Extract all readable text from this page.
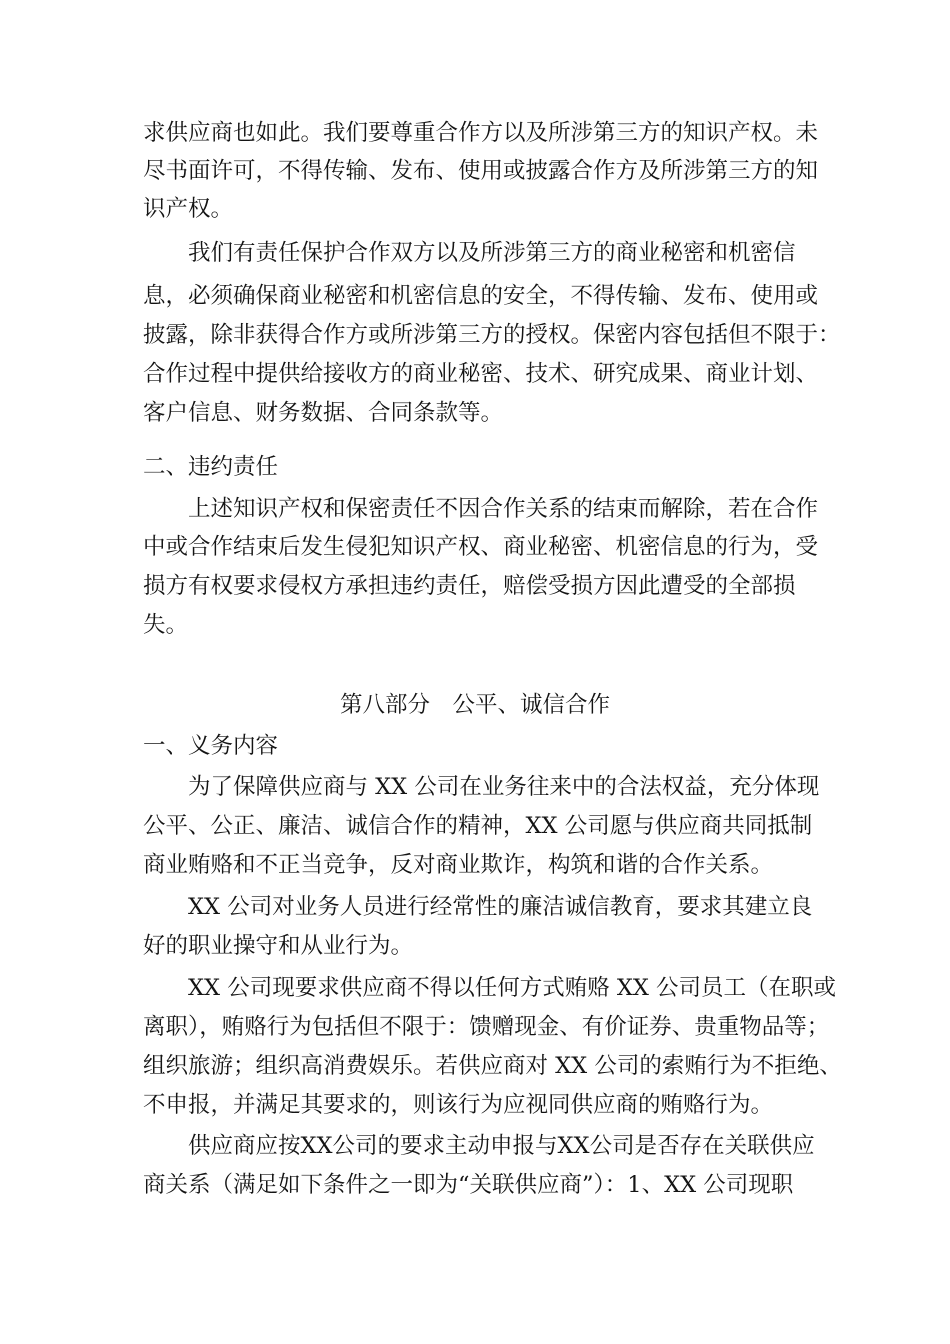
求供应商也如此。我们要尊重合作方以及所涉第三方的知识产权。未

尽书面许可，不得传输、发布、使用或披露合作方及所涉第三方的知

识产权。

我们有责任保护合作双方以及所涉第三方的商业秘密和机密信

息，必须确保商业秘密和机密信息的安全，不得传输、发布、使用或

披露，除非获得合作方或所涉第三方的授权。保密内容包括但不限于：

合作过程中提供给接收方的商业秘密、技术、研究成果、商业计划、

客户信息、财务数据、合同条款等。

二、违约责任

上述知识产权和保密责任不因合作关系的结束而解除，若在合作

中或合作结束后发生侵犯知识产权、商业秘密、机密信息的行为，受

损方有权要求侵权方承担违约责任，赔偿受损方因此遭受的全部损

失。

第八部分　公平、诚信合作

一、义务内容

为了保障供应商与 XX 公司在业务往来中的合法权益，充分体现

公平、公正、廉洁、诚信合作的精神，XX 公司愿与供应商共同抵制

商业贿赂和不正当竞争，反对商业欺诈，构筑和谐的合作关系。

XX 公司对业务人员进行经常性的廉洁诚信教育，要求其建立良

好的职业操守和从业行为。

XX 公司现要求供应商不得以任何方式贿赂 XX 公司员工（在职或

离职），贿赂行为包括但不限于：馈赠现金、有价证券、贵重物品等；

组织旅游；组织高消费娱乐。若供应商对 XX 公司的索贿行为不拒绝、

不申报，并满足其要求的，则该行为应视同供应商的贿赂行为。

供应商应按XX公司的要求主动申报与XX公司是否存在关联供应

商关系（满足如下条件之一即为“关联供应商”）：1、XX 公司现职
